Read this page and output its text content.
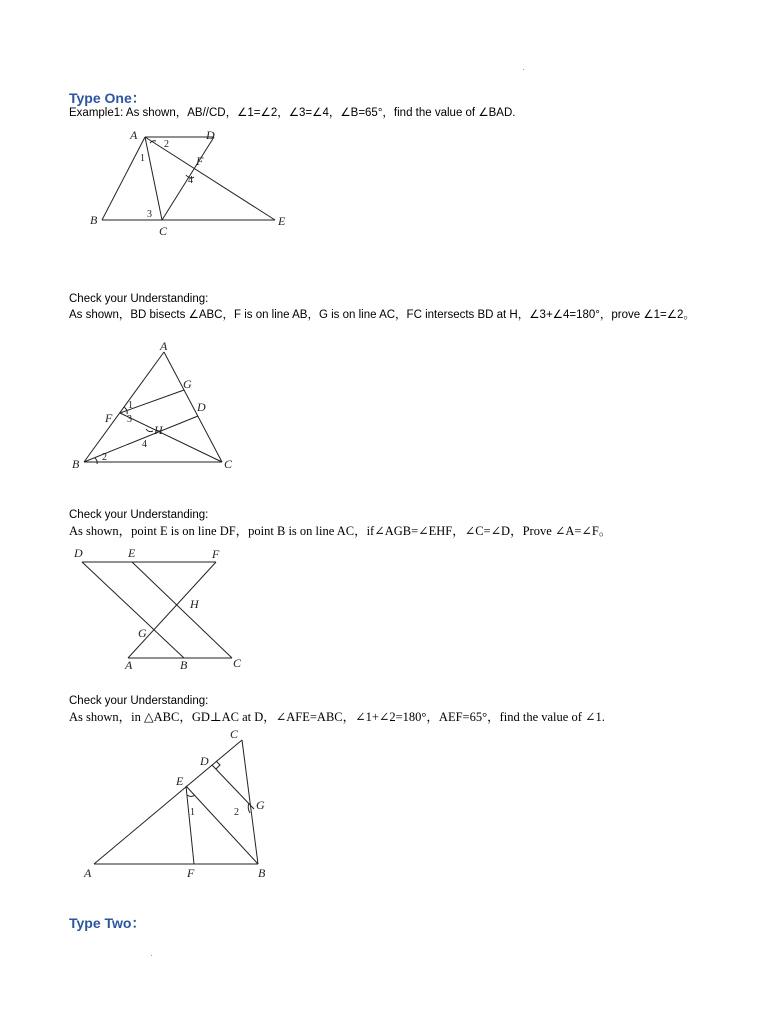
Type One：
Example1: As shown，AB//CD，∠1=∠2，∠3=∠4，∠B=65°，find the value of ∠BAD.
A	D
F
B
C
E
1
2
3
4
Check your Understanding:
As shown，BD bisects ∠ABC，F is on line AB，G is on line AC，FC intersects BD at H，∠3+∠4=180°，prove ∠1=∠2。
A
G
D
F
H
B	C
1
3
4
2
Check your Understanding:
As shown，point E is on line DF，point B is on line AC，if∠AGB=∠EHF，∠C=∠D，Prove ∠A=∠F。
D	E	F
H
G
A	B	C
Check your Understanding:
As shown，in △ABC，GD⊥AC at D，∠AFE=ABC，∠1+∠2=180°，AEF=65°，find the value of ∠1.
C
D
E
G
A	F	B
1	2
Type Two：
